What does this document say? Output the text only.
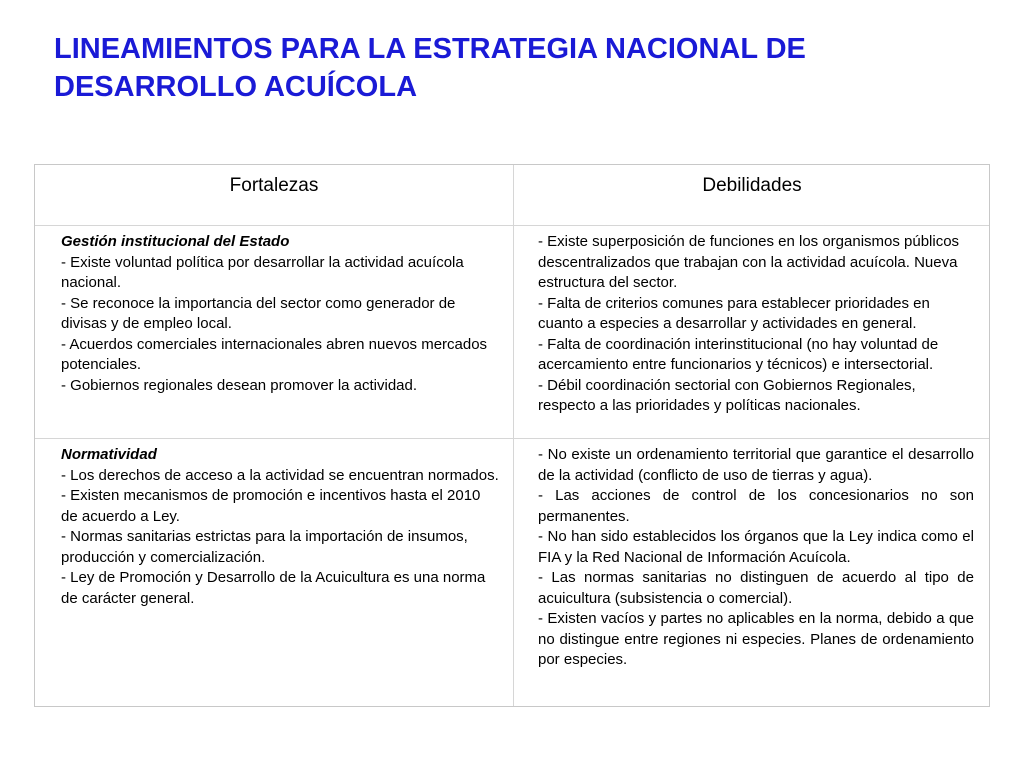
LINEAMIENTOS PARA LA ESTRATEGIA NACIONAL DE
DESARROLLO ACUÍCOLA
Fortalezas	Debilidades
Gestión institucional del Estado
- Existe voluntad política por desarrollar la actividad acuícola nacional.
- Se reconoce la importancia del sector como generador de divisas y de empleo local.
- Acuerdos comerciales internacionales abren nuevos mercados potenciales.
- Gobiernos regionales desean promover la actividad.
- Existe superposición de funciones en los organismos públicos descentralizados que trabajan con la actividad acuícola. Nueva estructura del sector.
- Falta de criterios comunes para establecer prioridades en cuanto a especies a desarrollar y actividades en general.
- Falta de coordinación interinstitucional (no hay voluntad de acercamiento entre funcionarios y técnicos) e intersectorial.
- Débil coordinación sectorial con Gobiernos Regionales, respecto a las prioridades y políticas nacionales.
Normatividad
- Los derechos de acceso a la actividad se encuentran normados.
- Existen mecanismos de promoción e incentivos hasta el 2010 de acuerdo a Ley.
- Normas sanitarias estrictas para la importación de insumos, producción y comercialización.
- Ley de Promoción y Desarrollo de la Acuicultura es una norma de carácter general.
- No existe un ordenamiento territorial que garantice el desarrollo de la actividad (conflicto de uso de tierras y agua).
- Las acciones de control de los concesionarios no son permanentes.
- No han sido establecidos los órganos que la Ley indica como el FIA y la Red Nacional de Información Acuícola.
- Las normas sanitarias no distinguen de acuerdo al tipo de acuicultura (subsistencia o comercial).
- Existen vacíos y partes no aplicables en la norma, debido a que no distingue entre regiones ni especies. Planes de ordenamiento por especies.
